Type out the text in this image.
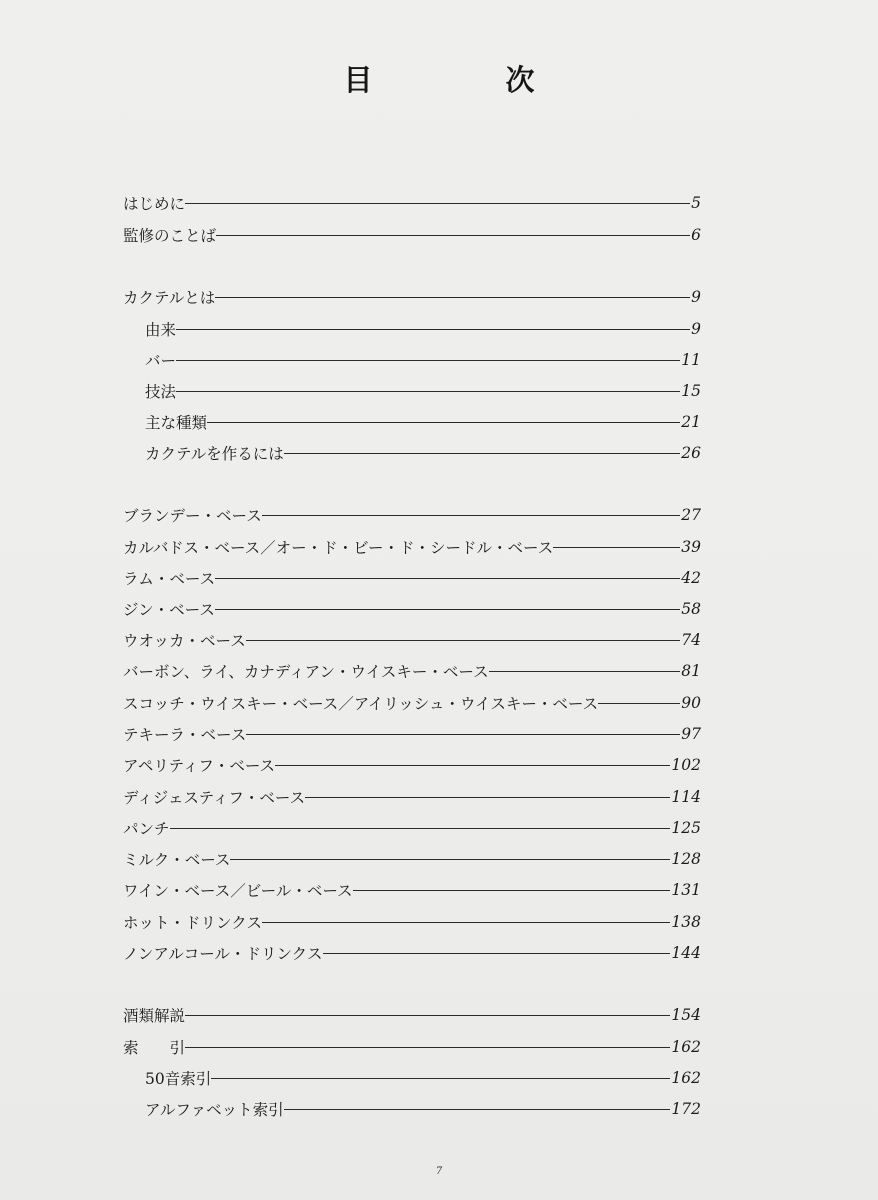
目　次
はじめに	5
監修のことば	6
カクテルとは	9
由来	9
バー	11
技法	15
主な種類	21
カクテルを作るには	26
ブランデー・ベース	27
カルバドス・ベース／オー・ド・ビー・ド・シードル・ベース	39
ラム・ベース	42
ジン・ベース	58
ウオッカ・ベース	74
バーボン、ライ、カナディアン・ウイスキー・ベース	81
スコッチ・ウイスキー・ベース／アイリッシュ・ウイスキー・ベース	90
テキーラ・ベース	97
アペリティフ・ベース	102
ディジェスティフ・ベース	114
パンチ	125
ミルク・ベース	128
ワイン・ベース／ビール・ベース	131
ホット・ドリンクス	138
ノンアルコール・ドリンクス	144
酒類解説	154
索　　引	162
50音索引	162
アルファベット索引	172
7
